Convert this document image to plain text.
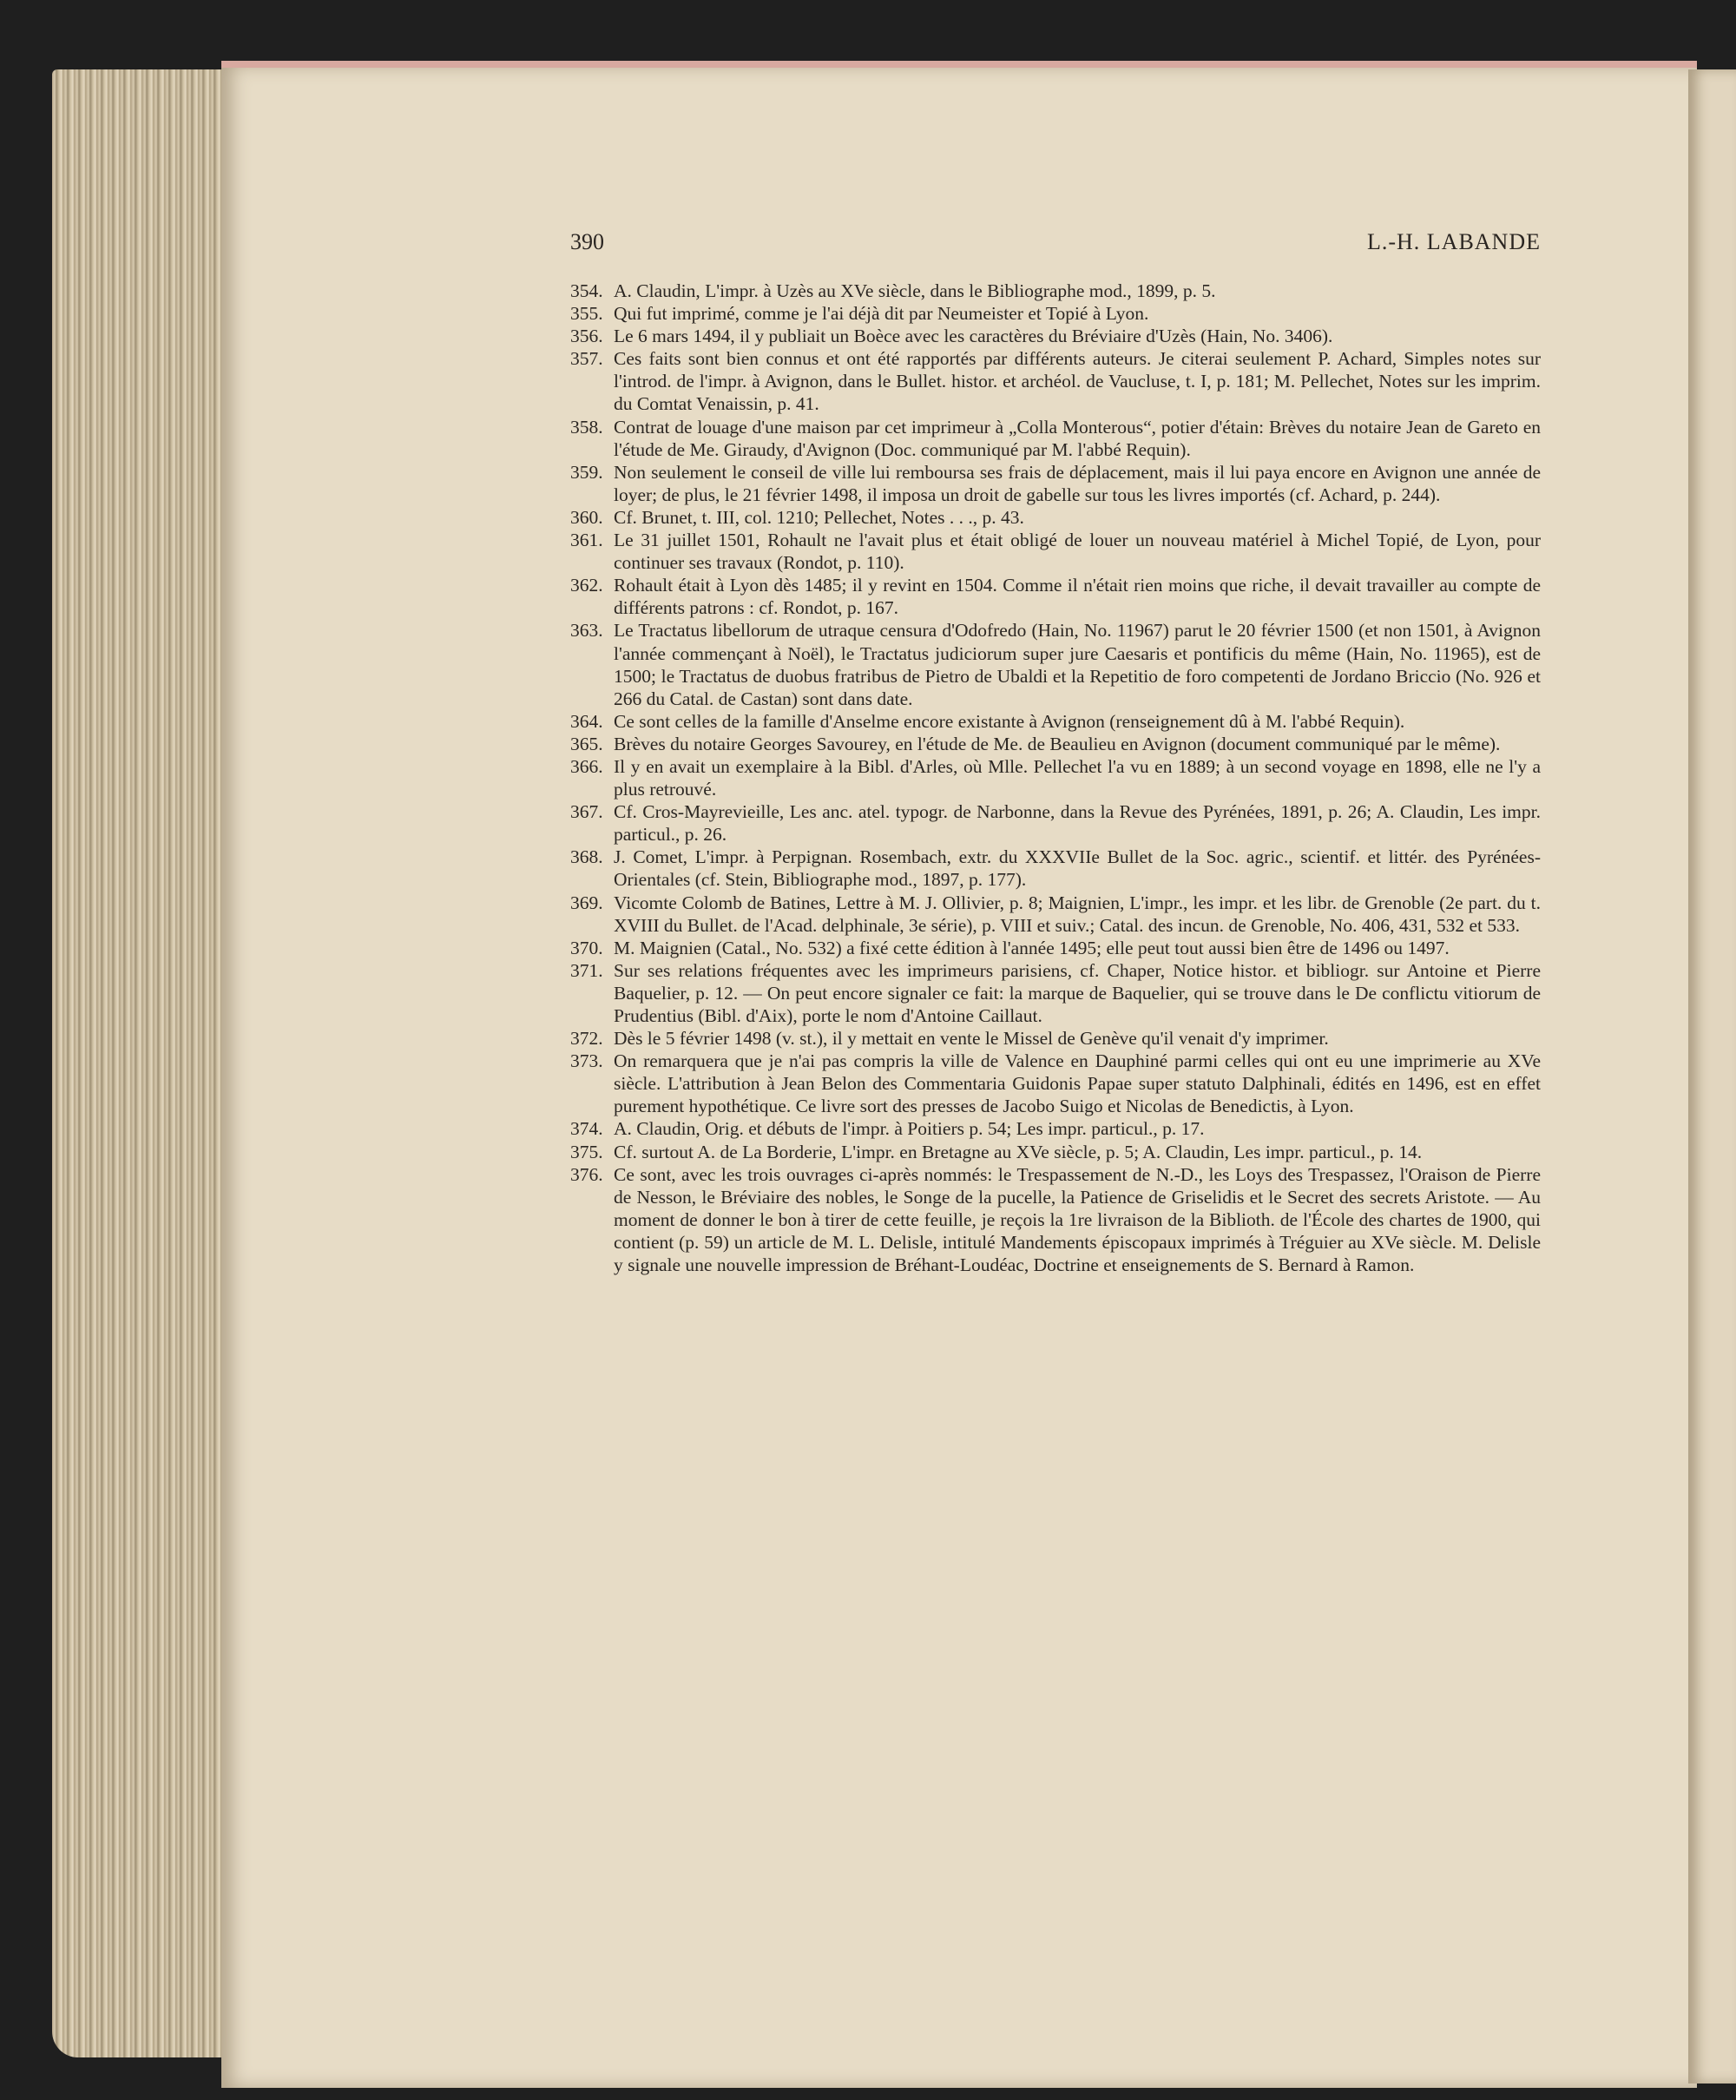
390	L.-H. LABANDE
354. A. Claudin, L'impr. à Uzès au XVe siècle, dans le Bibliographe mod., 1899, p. 5.
355. Qui fut imprimé, comme je l'ai déjà dit par Neumeister et Topié à Lyon.
356. Le 6 mars 1494, il y publiait un Boèce avec les caractères du Bréviaire d'Uzès (Hain, No. 3406).
357. Ces faits sont bien connus et ont été rapportés par différents auteurs. Je citerai seulement P. Achard, Simples notes sur l'introd. de l'impr. à Avignon, dans le Bullet. histor. et archéol. de Vaucluse, t. I, p. 181; M. Pellechet, Notes sur les imprim. du Comtat Venaissin, p. 41.
358. Contrat de louage d'une maison par cet imprimeur à „Colla Monterous“, potier d'étain: Brèves du notaire Jean de Gareto en l'étude de Me. Giraudy, d'Avignon (Doc. communiqué par M. l'abbé Requin).
359. Non seulement le conseil de ville lui remboursa ses frais de déplacement, mais il lui paya encore en Avignon une année de loyer; de plus, le 21 février 1498, il imposa un droit de gabelle sur tous les livres importés (cf. Achard, p. 244).
360. Cf. Brunet, t. III, col. 1210; Pellechet, Notes . . ., p. 43.
361. Le 31 juillet 1501, Rohault ne l'avait plus et était obligé de louer un nouveau matériel à Michel Topié, de Lyon, pour continuer ses travaux (Rondot, p. 110).
362. Rohault était à Lyon dès 1485; il y revint en 1504. Comme il n'était rien moins que riche, il devait travailler au compte de différents patrons : cf. Rondot, p. 167.
363. Le Tractatus libellorum de utraque censura d'Odofredo (Hain, No. 11967) parut le 20 février 1500 (et non 1501, à Avignon l'année commençant à Noël), le Tractatus judiciorum super jure Caesaris et pontificis du même (Hain, No. 11965), est de 1500; le Tractatus de duobus fratribus de Pietro de Ubaldi et la Repetitio de foro competenti de Jordano Briccio (No. 926 et 266 du Catal. de Castan) sont dans date.
364. Ce sont celles de la famille d'Anselme encore existante à Avignon (renseignement dû à M. l'abbé Requin).
365. Brèves du notaire Georges Savourey, en l'étude de Me. de Beaulieu en Avignon (document communiqué par le même).
366. Il y en avait un exemplaire à la Bibl. d'Arles, où Mlle. Pellechet l'a vu en 1889; à un second voyage en 1898, elle ne l'y a plus retrouvé.
367. Cf. Cros-Mayrevieille, Les anc. atel. typogr. de Narbonne, dans la Revue des Pyrénées, 1891, p. 26; A. Claudin, Les impr. particul., p. 26.
368. J. Comet, L'impr. à Perpignan. Rosembach, extr. du XXXVIIe Bullet de la Soc. agric., scientif. et littér. des Pyrénées-Orientales (cf. Stein, Bibliographe mod., 1897, p. 177).
369. Vicomte Colomb de Batines, Lettre à M. J. Ollivier, p. 8; Maignien, L'impr., les impr. et les libr. de Grenoble (2e part. du t. XVIII du Bullet. de l'Acad. delphinale, 3e série), p. VIII et suiv.; Catal. des incun. de Grenoble, No. 406, 431, 532 et 533.
370. M. Maignien (Catal., No. 532) a fixé cette édition à l'année 1495; elle peut tout aussi bien être de 1496 ou 1497.
371. Sur ses relations fréquentes avec les imprimeurs parisiens, cf. Chaper, Notice histor. et bibliogr. sur Antoine et Pierre Baquelier, p. 12. — On peut encore signaler ce fait: la marque de Baquelier, qui se trouve dans le De conflictu vitiorum de Prudentius (Bibl. d'Aix), porte le nom d'Antoine Caillaut.
372. Dès le 5 février 1498 (v. st.), il y mettait en vente le Missel de Genève qu'il venait d'y imprimer.
373. On remarquera que je n'ai pas compris la ville de Valence en Dauphiné parmi celles qui ont eu une imprimerie au XVe siècle. L'attribution à Jean Belon des Commentaria Guidonis Papae super statuto Dalphinali, édités en 1496, est en effet purement hypothétique. Ce livre sort des presses de Jacobo Suigo et Nicolas de Benedictis, à Lyon.
374. A. Claudin, Orig. et débuts de l'impr. à Poitiers p. 54; Les impr. particul., p. 17.
375. Cf. surtout A. de La Borderie, L'impr. en Bretagne au XVe siècle, p. 5; A. Claudin, Les impr. particul., p. 14.
376. Ce sont, avec les trois ouvrages ci-après nommés: le Trespassement de N.-D., les Loys des Trespassez, l'Oraison de Pierre de Nesson, le Bréviaire des nobles, le Songe de la pucelle, la Patience de Griselidis et le Secret des secrets Aristote. — Au moment de donner le bon à tirer de cette feuille, je reçois la 1re livraison de la Biblioth. de l'École des chartes de 1900, qui contient (p. 59) un article de M. L. Delisle, intitulé Mandements épiscopaux imprimés à Tréguier au XVe siècle. M. Delisle y signale une nouvelle impression de Bréhant-Loudéac, Doctrine et enseignements de S. Bernard à Ramon.
